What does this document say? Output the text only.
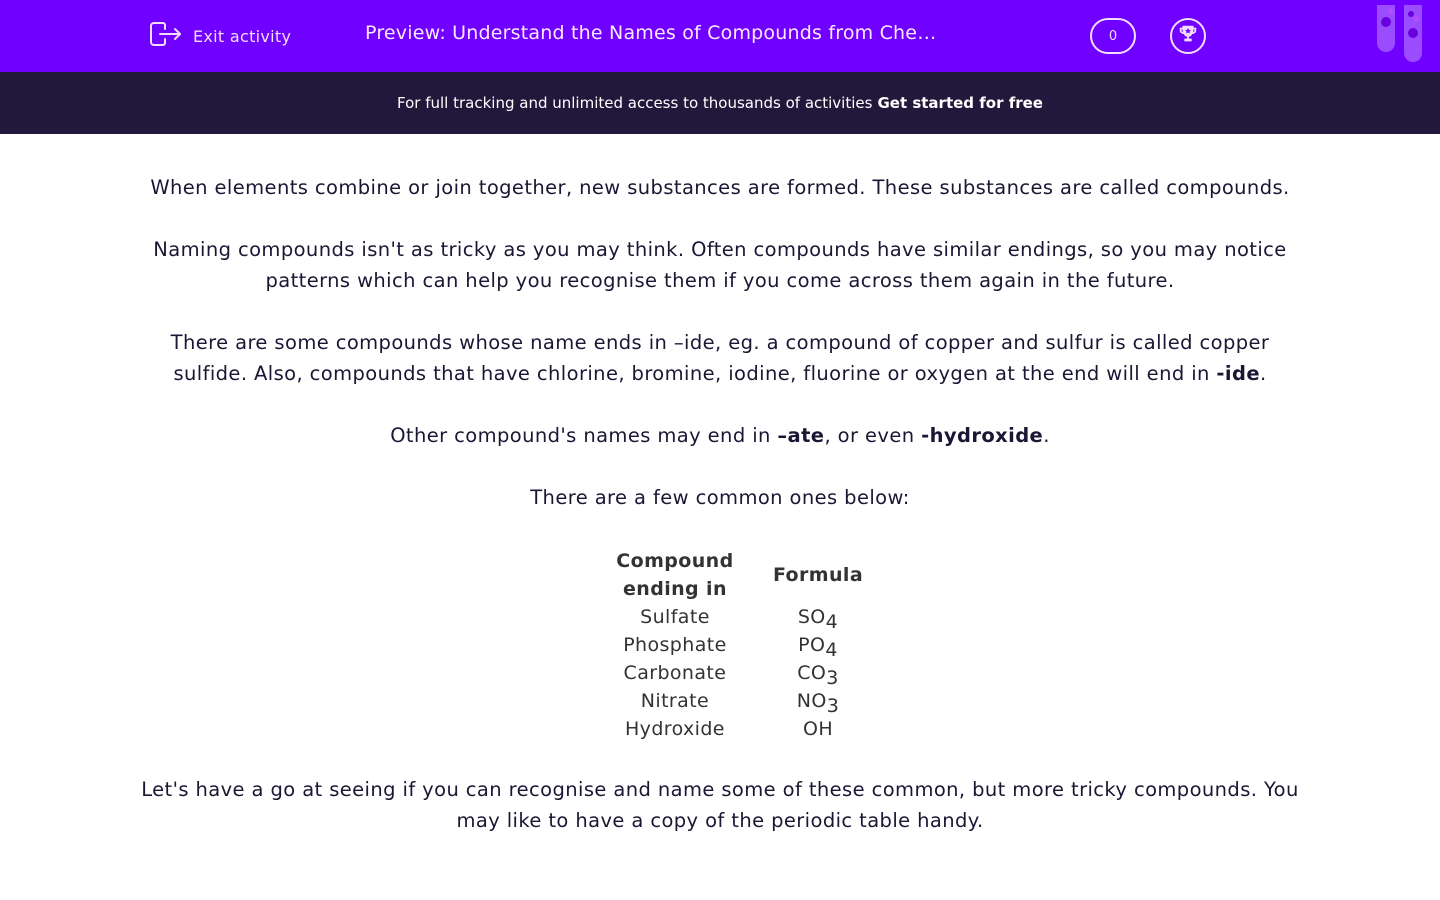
Exit activity	Preview: Understand the Names of Compounds from Che…	0
For full tracking and unlimited access to thousands of activities Get started for free

When elements combine or join together, new substances are formed. These substances are called compounds.

Naming compounds isn't as tricky as you may think. Often compounds have similar endings, so you may notice patterns which can help you recognise them if you come across them again in the future.

There are some compounds whose name ends in –ide, eg. a compound of copper and sulfur is called copper sulfide. Also, compounds that have chlorine, bromine, iodine, fluorine or oxygen at the end will end in -ide.

Other compound's names may end in –ate, or even -hydroxide.

There are a few common ones below:

Compound ending in	Formula
Sulfate	$SO_4$
Phosphate	$PO_4$
Carbonate	$CO_3$
Nitrate	$NO_3$
Hydroxide	OH

Let's have a go at seeing if you can recognise and name some of these common, but more tricky compounds. You may like to have a copy of the periodic table handy.
